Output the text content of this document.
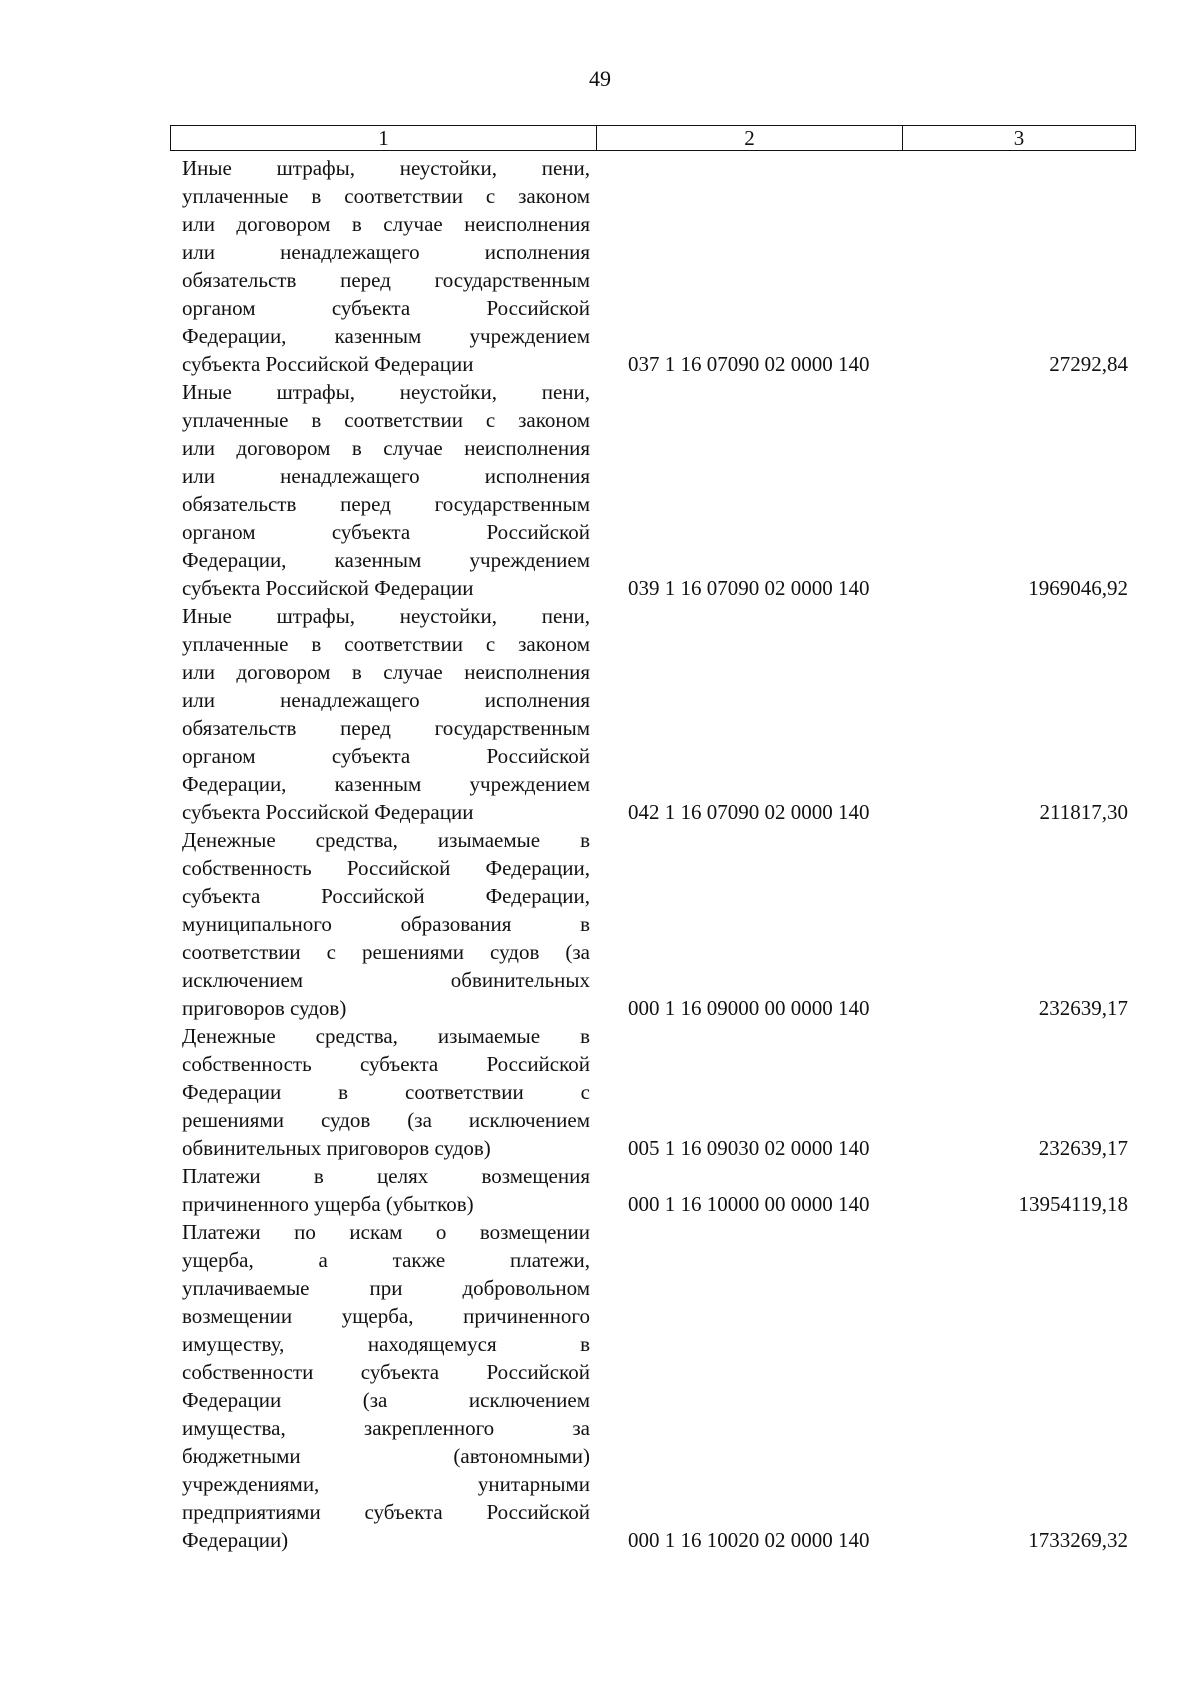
49
1	2	3
Иные штрафы, неустойки, пени,
уплаченные в соответствии с законом
или договором в случае неисполнения
или ненадлежащего исполнения
обязательств перед государственным
органом субъекта Российской
Федерации, казенным учреждением
субъекта Российской Федерации	037 1 16 07090 02 0000 140	27292,84
Иные штрафы, неустойки, пени,
уплаченные в соответствии с законом
или договором в случае неисполнения
или ненадлежащего исполнения
обязательств перед государственным
органом субъекта Российской
Федерации, казенным учреждением
субъекта Российской Федерации	039 1 16 07090 02 0000 140	1969046,92
Иные штрафы, неустойки, пени,
уплаченные в соответствии с законом
или договором в случае неисполнения
или ненадлежащего исполнения
обязательств перед государственным
органом субъекта Российской
Федерации, казенным учреждением
субъекта Российской Федерации	042 1 16 07090 02 0000 140	211817,30
Денежные средства, изымаемые в
собственность Российской Федерации,
субъекта Российской Федерации,
муниципального образования в
соответствии с решениями судов (за
исключением обвинительных
приговоров судов)	000 1 16 09000 00 0000 140	232639,17
Денежные средства, изымаемые в
собственность субъекта Российской
Федерации в соответствии с
решениями судов (за исключением
обвинительных приговоров судов)	005 1 16 09030 02 0000 140	232639,17
Платежи в целях возмещения
причиненного ущерба (убытков)	000 1 16 10000 00 0000 140	13954119,18
Платежи по искам о возмещении
ущерба, а также платежи,
уплачиваемые при добровольном
возмещении ущерба, причиненного
имуществу, находящемуся в
собственности субъекта Российской
Федерации (за исключением
имущества, закрепленного за
бюджетными (автономными)
учреждениями, унитарными
предприятиями субъекта Российской
Федерации)	000 1 16 10020 02 0000 140	1733269,32
